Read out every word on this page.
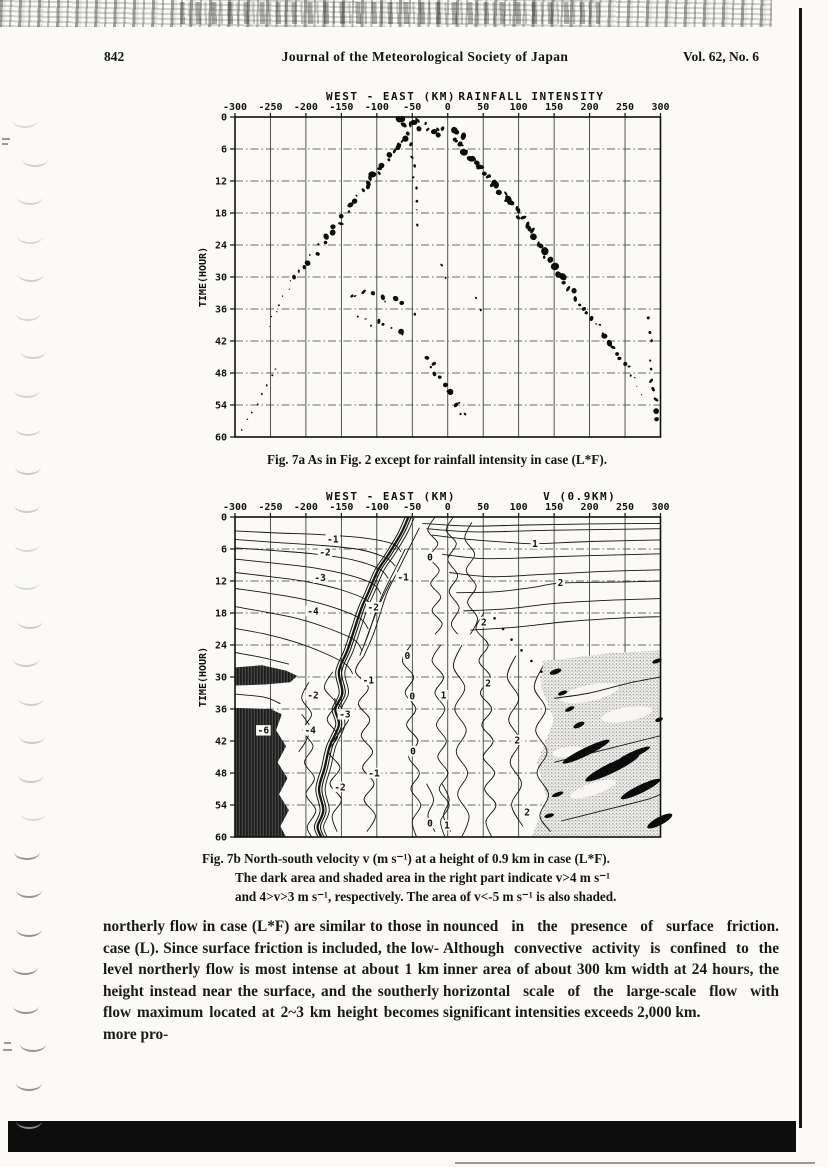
842	Journal of the Meteorological Society of Japan	Vol. 62, No. 6
-300 -250 -200 -150 -100 -50 0	50 100 150 200 250 300
0
6
12
18
24
30
36
42
48
54
60
WEST - EAST (KM) RAINFALL INTENSITY
TIME(HOUR)
Fig. 7a As in Fig. 2 except for rainfall intensity in case (L*F).
-300 -250 -200 -150 -100 -50 0	50 100 150 200 250 300
0
6
12
18
24
30
36
42
48
54
60
WEST - EAST (KM)	V (0.9KM)
TIME(HOUR)
-1
-2
-3
-4
0
-1
-2
1
2
2
0
-1
-2	0	1
2
-3
-4
-6
-1
-2
0
2
2
0 1
Fig. 7b North-south velocity v (m s⁻¹) at a height of 0.9 km in case (L*F).
The dark area and shaded area in the right part indicate v>4 m s⁻¹
and 4>v>3 m s⁻¹, respectively. The area of v<-5 m s⁻¹ is also shaded.
northerly flow in case (L*F) are similar to those in case (L). Since surface friction is included, the low-level northerly flow is most intense at about 1 km height instead near the surface, and the southerly flow maximum located at 2~3 km height becomes more pro-
nounced in the presence of surface friction. Although convective activity is confined to the inner area of about 300 km width at 24 hours, the horizontal scale of the large-scale flow with significant intensities exceeds 2,000 km.
